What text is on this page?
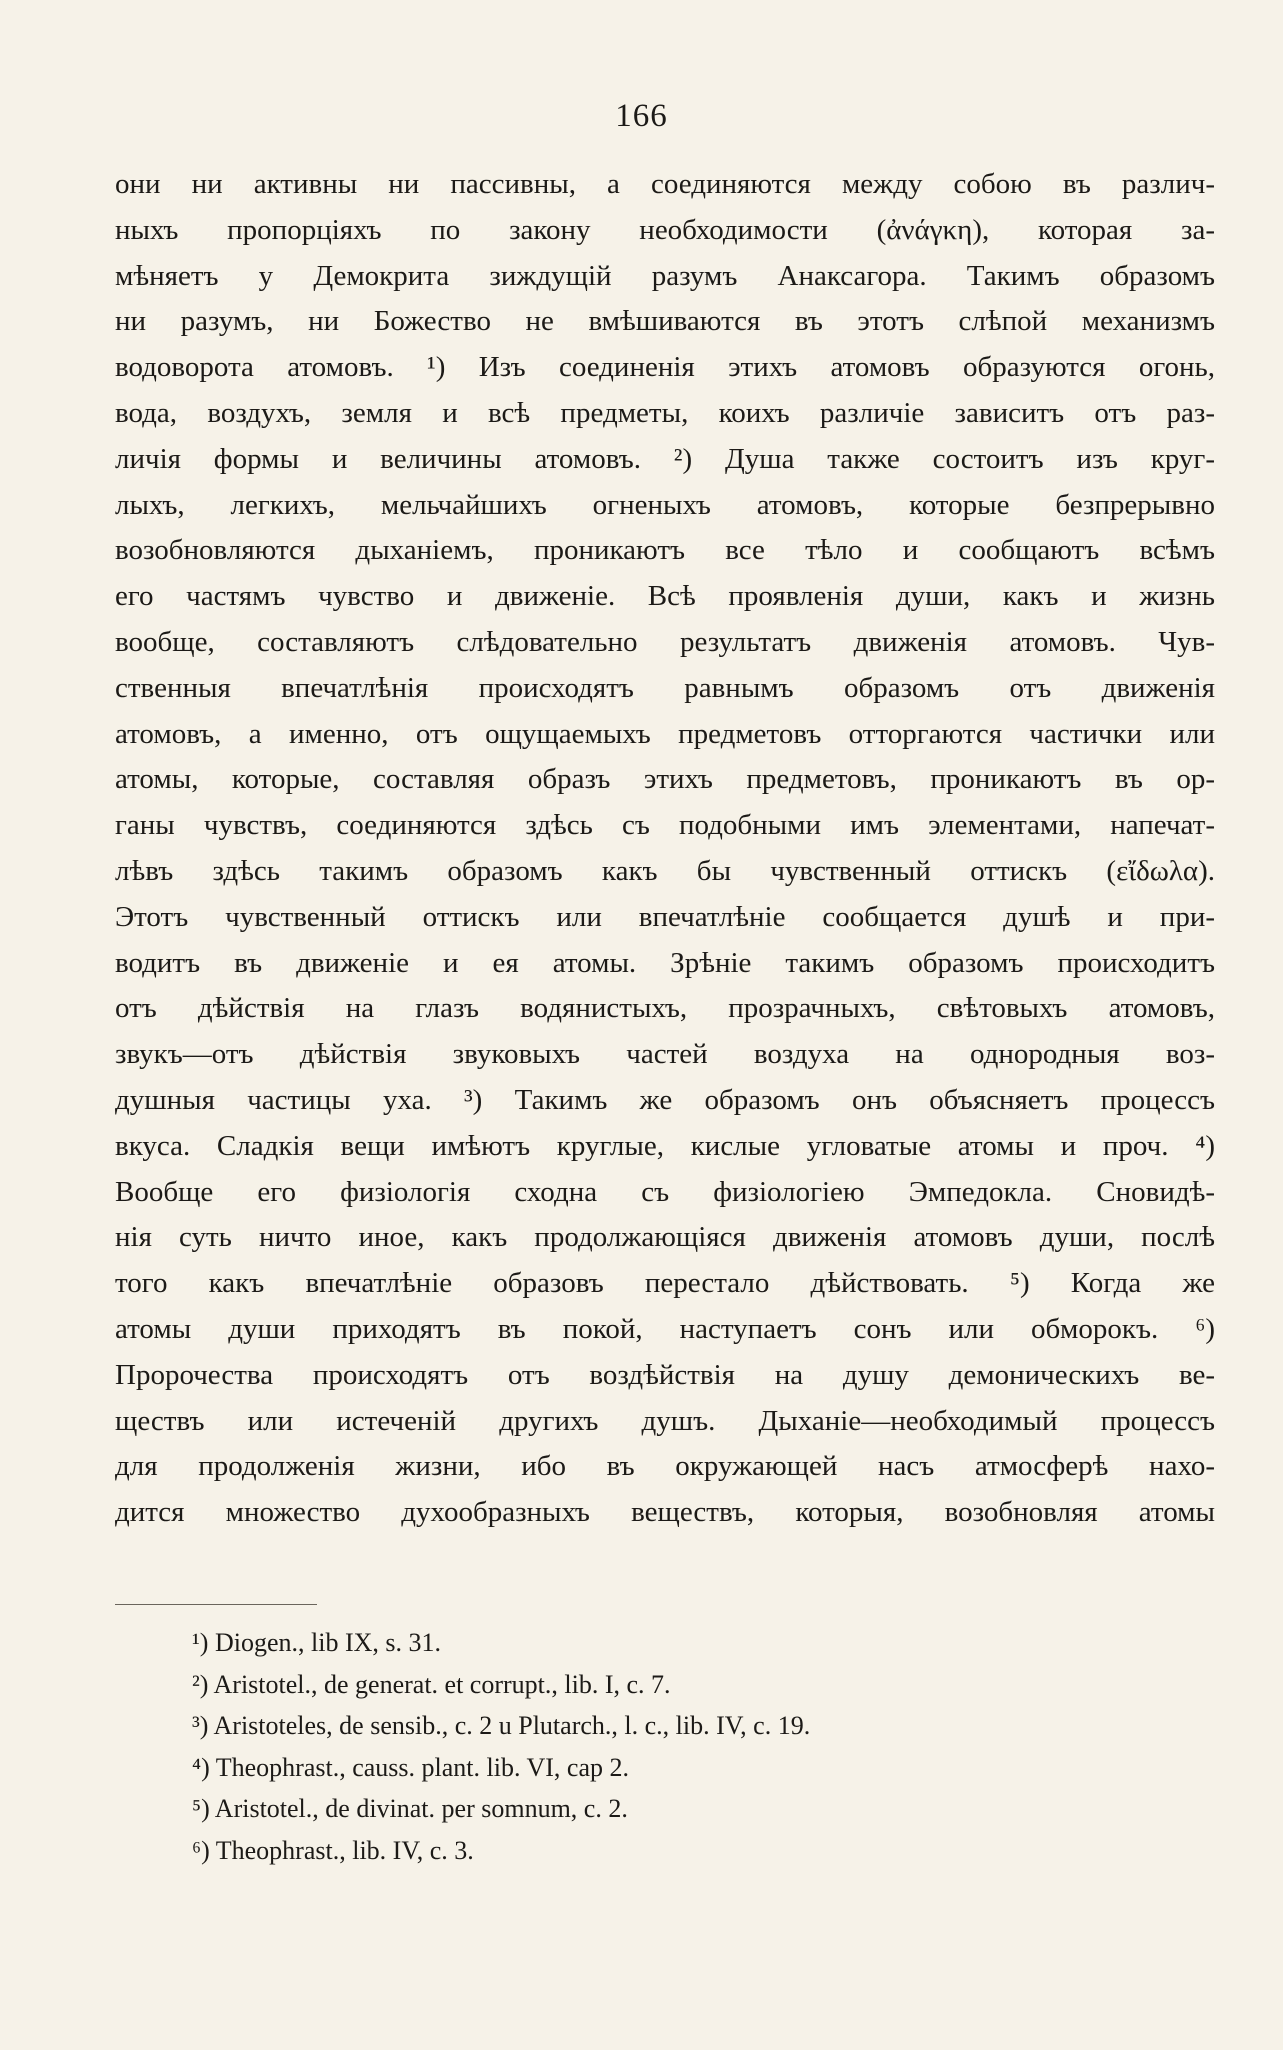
166
они ни активны ни пассивны, а соединяются между собою въ различ-
ныхъ пропорціяхъ по закону необходимости (ἀνάγκη), которая за-
мѣняетъ у Демокрита зиждущій разумъ Анаксагора. Такимъ образомъ
ни разумъ, ни Божество не вмѣшиваются въ этотъ слѣпой механизмъ
водоворота атомовъ. ¹) Изъ соединенія этихъ атомовъ образуются огонь,
вода, воздухъ, земля и всѣ предметы, коихъ различіе зависитъ отъ раз-
личія формы и величины атомовъ. ²) Душа также состоитъ изъ круг-
лыхъ, легкихъ, мельчайшихъ огненыхъ атомовъ, которые безпрерывно
возобновляются дыханіемъ, проникаютъ все тѣло и сообщаютъ всѣмъ
его частямъ чувство и движеніе. Всѣ проявленія души, какъ и жизнь
вообще, составляютъ слѣдовательно результатъ движенія атомовъ. Чув-
ственныя впечатлѣнія происходятъ равнымъ образомъ отъ движенія
атомовъ, а именно, отъ ощущаемыхъ предметовъ отторгаются частички или
атомы, которые, составляя образъ этихъ предметовъ, проникаютъ въ ор-
ганы чувствъ, соединяются здѣсь съ подобными имъ элементами, напечат-
лѣвъ здѣсь такимъ образомъ какъ бы чувственный оттискъ (εἴδωλα).
Этотъ чувственный оттискъ или впечатлѣніе сообщается душѣ и при-
водитъ въ движеніе и ея атомы. Зрѣніе такимъ образомъ происходитъ
отъ дѣйствія на глазъ водянистыхъ, прозрачныхъ, свѣтовыхъ атомовъ,
звукъ—отъ дѣйствія звуковыхъ частей воздуха на однородныя воз-
душныя частицы уха. ³) Такимъ же образомъ онъ объясняетъ процессъ
вкуса. Сладкія вещи имѣютъ круглые, кислые угловатые атомы и проч. ⁴)
Вообще его физіологія сходна съ физіологіею Эмпедокла. Сновидѣ-
нія суть ничто иное, какъ продолжающіяся движенія атомовъ души, послѣ
того какъ впечатлѣніе образовъ перестало дѣйствовать. ⁵) Когда же
атомы души приходятъ въ покой, наступаетъ сонъ или обморокъ. ⁶)
Пророчества происходятъ отъ воздѣйствія на душу демоническихъ ве-
ществъ или истеченій другихъ душъ. Дыханіе—необходимый процессъ
для продолженія жизни, ибо въ окружающей насъ атмосферѣ нахо-
дится множество духообразныхъ веществъ, которыя, возобновляя атомы
¹) Diogen., lib IX, s. 31.
²) Aristotel., de generat. et corrupt., lib. I, c. 7.
³) Aristoteles, de sensib., c. 2 u Plutarch., l. c., lib. IV, c. 19.
⁴) Theophrast., causs. plant. lib. VI, cap 2.
⁵) Aristotel., de divinat. per somnum, c. 2.
⁶) Theophrast., lib. IV, c. 3.
